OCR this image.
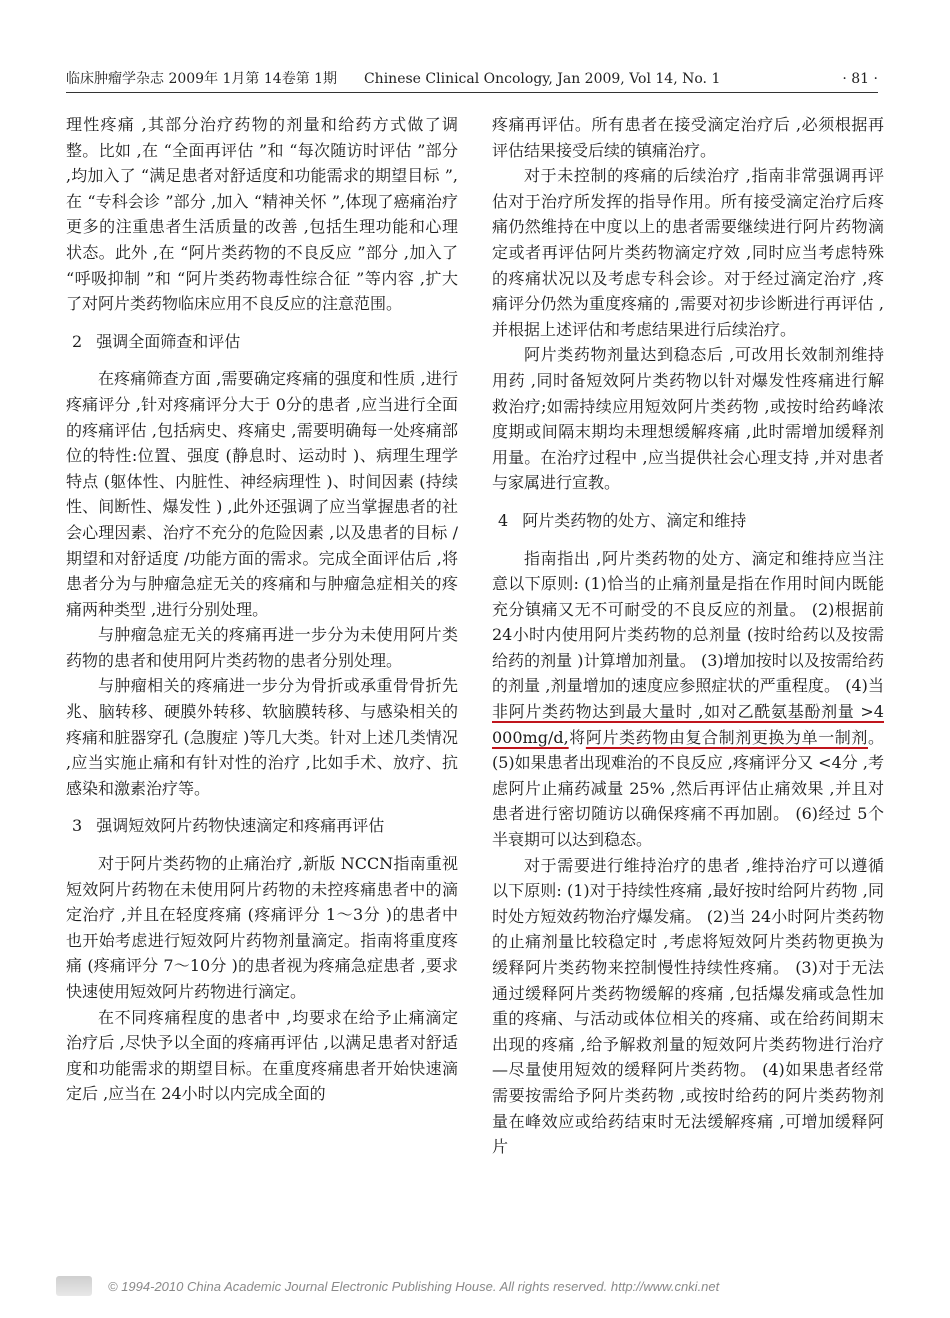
临床肿瘤学杂志 2009年 1月第 14卷第 1期 Chinese Clinical Oncology, Jan 2009, Vol 14, No. 1	· 81 ·

理性疼痛 ,其部分治疗药物的剂量和给药方式做了调整。比如 ,在 “全面再评估 ”和 “每次随访时评估 ”部分 ,均加入了 “满足患者对舒适度和功能需求的期望目标 ”,在 “专科会诊 ”部分 ,加入 “精神关怀 ”,体现了癌痛治疗更多的注重患者生活质量的改善 ,包括生理功能和心理状态。此外 ,在 “阿片类药物的不良反应 ”部分 ,加入了 “呼吸抑制 ”和 “阿片类药物毒性综合征 ”等内容 ,扩大了对阿片类药物临床应用不良反应的注意范围。

2 强调全面筛查和评估

在疼痛筛查方面 ,需要确定疼痛的强度和性质 ,进行疼痛评分 ,针对疼痛评分大于 0分的患者 ,应当进行全面的疼痛评估 ,包括病史、疼痛史 ,需要明确每一处疼痛部位的特性:位置、强度 (静息时、运动时 )、病理生理学特点 (躯体性、内脏性、神经病理性 )、时间因素 (持续性、间断性、爆发性 ) ,此外还强调了应当掌握患者的社会心理因素、治疗不充分的危险因素 ,以及患者的目标 /期望和对舒适度 /功能方面的需求。完成全面评估后 ,将患者分为与肿瘤急症无关的疼痛和与肿瘤急症相关的疼痛两种类型 ,进行分别处理。

与肿瘤急症无关的疼痛再进一步分为未使用阿片类药物的患者和使用阿片类药物的患者分别处理。

与肿瘤相关的疼痛进一步分为骨折或承重骨骨折先兆、脑转移、硬膜外转移、软脑膜转移、与感染相关的疼痛和脏器穿孔 (急腹症 )等几大类。针对上述几类情况 ,应当实施止痛和有针对性的治疗 ,比如手术、放疗、抗感染和激素治疗等。

3 强调短效阿片药物快速滴定和疼痛再评估

对于阿片类药物的止痛治疗 ,新版 NCCN指南重视短效阿片药物在未使用阿片药物的未控疼痛患者中的滴定治疗 ,并且在轻度疼痛 (疼痛评分 1～3分 )的患者中也开始考虑进行短效阿片药物剂量滴定。指南将重度疼痛 (疼痛评分 7～10分 )的患者视为疼痛急症患者 ,要求快速使用短效阿片药物进行滴定。

在不同疼痛程度的患者中 ,均要求在给予止痛滴定治疗后 ,尽快予以全面的疼痛再评估 ,以满足患者对舒适度和功能需求的期望目标。在重度疼痛患者开始快速滴定后 ,应当在 24小时以内完成全面的

疼痛再评估。所有患者在接受滴定治疗后 ,必须根据再评估结果接受后续的镇痛治疗。

对于未控制的疼痛的后续治疗 ,指南非常强调再评估对于治疗所发挥的指导作用。所有接受滴定治疗后疼痛仍然维持在中度以上的患者需要继续进行阿片药物滴定或者再评估阿片类药物滴定疗效 ,同时应当考虑特殊的疼痛状况以及考虑专科会诊。对于经过滴定治疗 ,疼痛评分仍然为重度疼痛的 ,需要对初步诊断进行再评估 ,并根据上述评估和考虑结果进行后续治疗。

阿片类药物剂量达到稳态后 ,可改用长效制剂维持用药 ,同时备短效阿片类药物以针对爆发性疼痛进行解救治疗;如需持续应用短效阿片类药物 ,或按时给药峰浓度期或间隔末期均未理想缓解疼痛 ,此时需增加缓释剂用量。在治疗过程中 ,应当提供社会心理支持 ,并对患者与家属进行宣教。

4 阿片类药物的处方、滴定和维持

指南指出 ,阿片类药物的处方、滴定和维持应当注意以下原则: (1)恰当的止痛剂量是指在作用时间内既能充分镇痛又无不可耐受的不良反应的剂量。 (2)根据前 24小时内使用阿片类药物的总剂量 (按时给药以及按需给药的剂量 )计算增加剂量。 (3)增加按时以及按需给药的剂量 ,剂量增加的速度应参照症状的严重程度。 (4)当非阿片类药物达到最大量时 ,如对乙酰氨基酚剂量 >4 000mg/d,将阿片类药物由复合制剂更换为单一制剂。 (5)如果患者出现难治的不良反应 ,疼痛评分又 <4分 ,考虑阿片止痛药减量 25% ,然后再评估止痛效果 ,并且对患者进行密切随访以确保疼痛不再加剧。 (6)经过 5个半衰期可以达到稳态。

对于需要进行维持治疗的患者 ,维持治疗可以遵循以下原则: (1)对于持续性疼痛 ,最好按时给阿片药物 ,同时处方短效药物治疗爆发痛。 (2)当 24小时阿片类药物的止痛剂量比较稳定时 ,考虑将短效阿片类药物更换为缓释阿片类药物来控制慢性持续性疼痛。 (3)对于无法通过缓释阿片类药物缓解的疼痛 ,包括爆发痛或急性加重的疼痛、与活动或体位相关的疼痛、或在给药间期末出现的疼痛 ,给予解救剂量的短效阿片类药物进行治疗 —尽量使用短效的缓释阿片类药物。 (4)如果患者经常需要按需给予阿片类药物 ,或按时给药的阿片类药物剂量在峰效应或给药结束时无法缓解疼痛 ,可增加缓释阿片

© 1994-2010 China Academic Journal Electronic Publishing House. All rights reserved. http://www.cnki.net
